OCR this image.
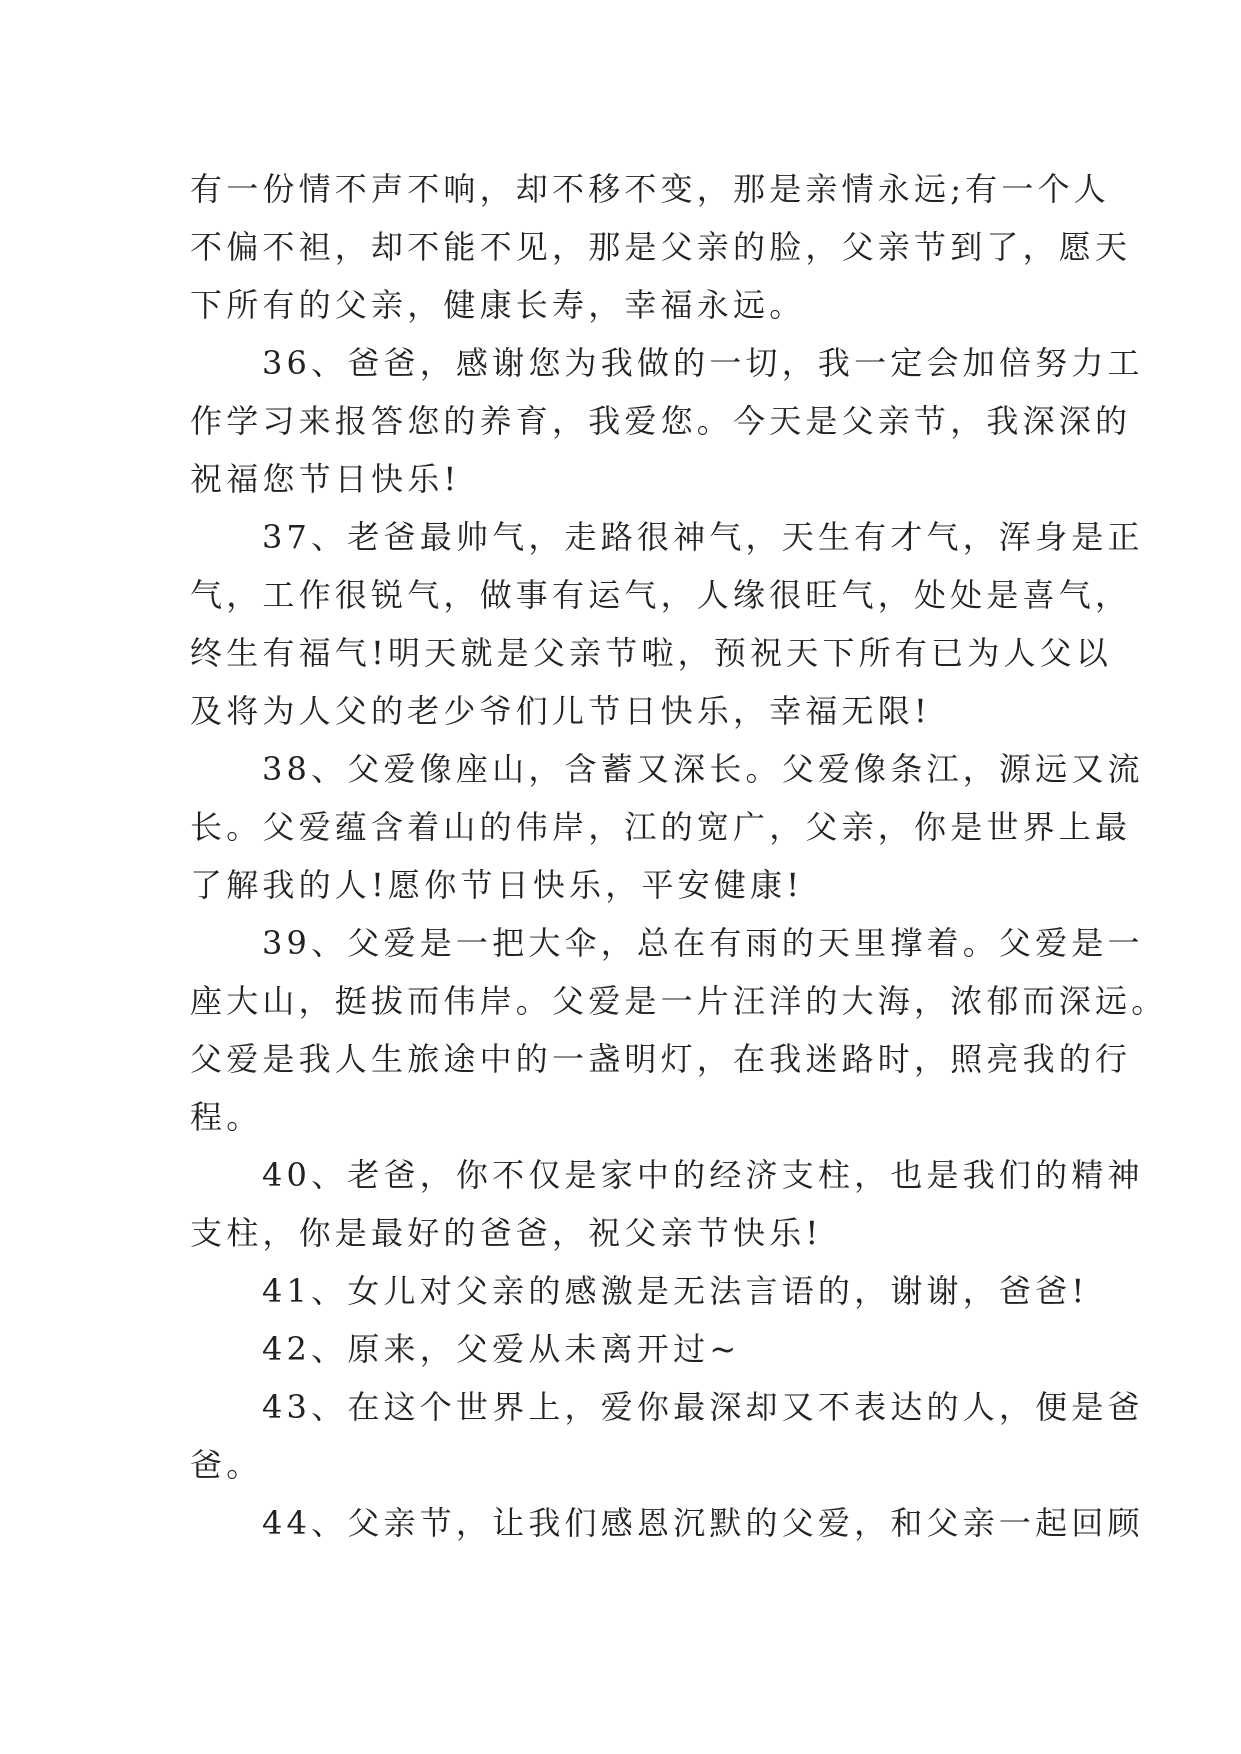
有一份情不声不响，却不移不变，那是亲情永远;有一个人
不偏不袒，却不能不见，那是父亲的脸，父亲节到了，愿天
下所有的父亲，健康长寿，幸福永远。
36、爸爸，感谢您为我做的一切，我一定会加倍努力工
作学习来报答您的养育，我爱您。今天是父亲节，我深深的
祝福您节日快乐!
37、老爸最帅气，走路很神气，天生有才气，浑身是正
气，工作很锐气，做事有运气，人缘很旺气，处处是喜气，
终生有福气!明天就是父亲节啦，预祝天下所有已为人父以
及将为人父的老少爷们儿节日快乐，幸福无限!
38、父爱像座山，含蓄又深长。父爱像条江，源远又流
长。父爱蕴含着山的伟岸，江的宽广，父亲，你是世界上最
了解我的人!愿你节日快乐，平安健康!
39、父爱是一把大伞，总在有雨的天里撑着。父爱是一
座大山，挺拔而伟岸。父爱是一片汪洋的大海，浓郁而深远。
父爱是我人生旅途中的一盏明灯，在我迷路时，照亮我的行
程。
40、老爸，你不仅是家中的经济支柱，也是我们的精神
支柱，你是最好的爸爸，祝父亲节快乐!
41、女儿对父亲的感激是无法言语的，谢谢，爸爸!
42、原来，父爱从未离开过~
43、在这个世界上，爱你最深却又不表达的人，便是爸
爸。
44、父亲节，让我们感恩沉默的父爱，和父亲一起回顾
